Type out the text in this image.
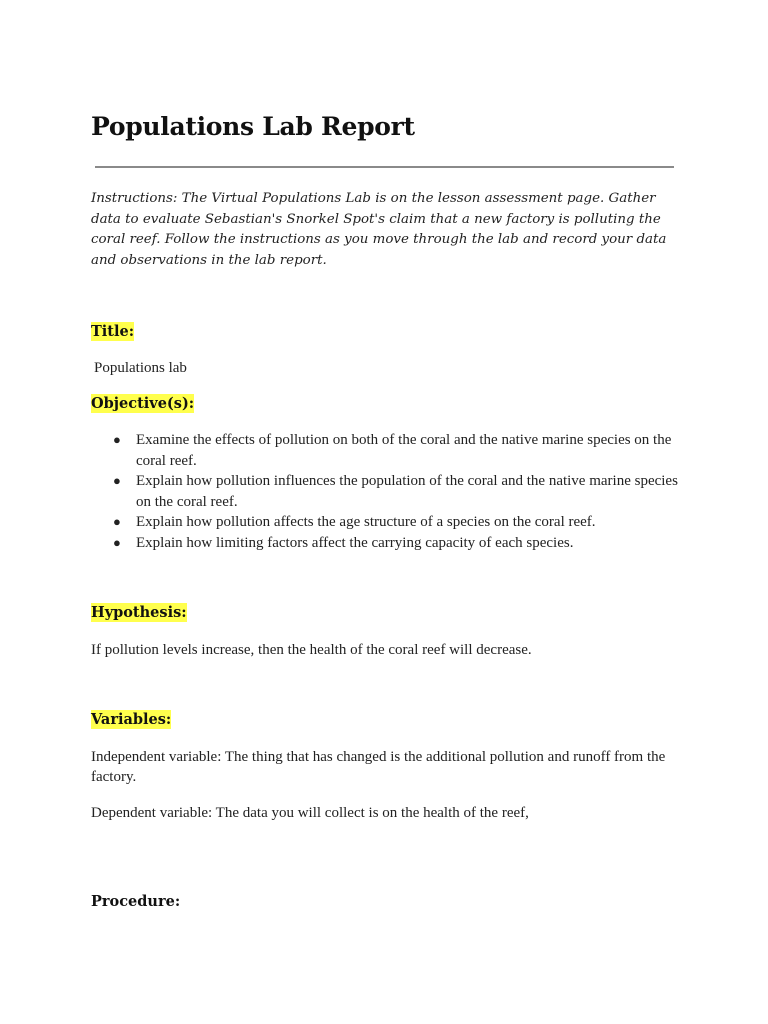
Populations Lab Report

Instructions: The Virtual Populations Lab is on the lesson assessment page. Gather data to evaluate Sebastian's Snorkel Spot's claim that a new factory is polluting the coral reef. Follow the instructions as you move through the lab and record your data and observations in the lab report.

Title:

Populations lab

Objective(s):

● Examine the effects of pollution on both of the coral and the native marine species on the coral reef.
● Explain how pollution influences the population of the coral and the native marine species on the coral reef.
● Explain how pollution affects the age structure of a species on the coral reef.
● Explain how limiting factors affect the carrying capacity of each species.

Hypothesis:

If pollution levels increase, then the health of the coral reef will decrease.

Variables:

Independent variable: The thing that has changed is the additional pollution and runoff from the factory.

Dependent variable: The data you will collect is on the health of the reef,

Procedure:
